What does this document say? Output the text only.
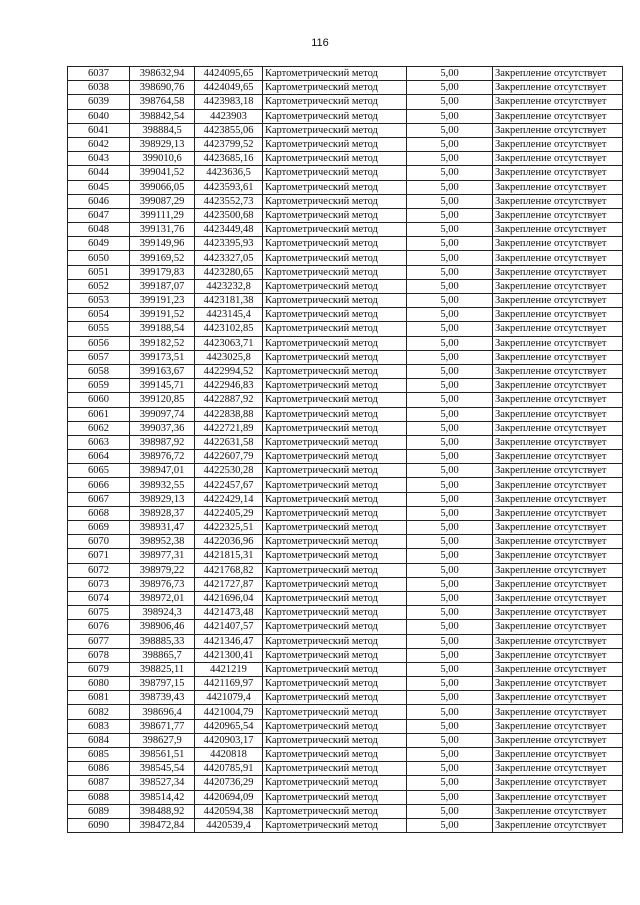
116
6037	398632,94	4424095,65	Картометрический метод	5,00	Закрепление отсутствует
6038	398690,76	4424049,65	Картометрический метод	5,00	Закрепление отсутствует
6039	398764,58	4423983,18	Картометрический метод	5,00	Закрепление отсутствует
6040	398842,54	4423903	Картометрический метод	5,00	Закрепление отсутствует
6041	398884,5	4423855,06	Картометрический метод	5,00	Закрепление отсутствует
6042	398929,13	4423799,52	Картометрический метод	5,00	Закрепление отсутствует
6043	399010,6	4423685,16	Картометрический метод	5,00	Закрепление отсутствует
6044	399041,52	4423636,5	Картометрический метод	5,00	Закрепление отсутствует
6045	399066,05	4423593,61	Картометрический метод	5,00	Закрепление отсутствует
6046	399087,29	4423552,73	Картометрический метод	5,00	Закрепление отсутствует
6047	399111,29	4423500,68	Картометрический метод	5,00	Закрепление отсутствует
6048	399131,76	4423449,48	Картометрический метод	5,00	Закрепление отсутствует
6049	399149,96	4423395,93	Картометрический метод	5,00	Закрепление отсутствует
6050	399169,52	4423327,05	Картометрический метод	5,00	Закрепление отсутствует
6051	399179,83	4423280,65	Картометрический метод	5,00	Закрепление отсутствует
6052	399187,07	4423232,8	Картометрический метод	5,00	Закрепление отсутствует
6053	399191,23	4423181,38	Картометрический метод	5,00	Закрепление отсутствует
6054	399191,52	4423145,4	Картометрический метод	5,00	Закрепление отсутствует
6055	399188,54	4423102,85	Картометрический метод	5,00	Закрепление отсутствует
6056	399182,52	4423063,71	Картометрический метод	5,00	Закрепление отсутствует
6057	399173,51	4423025,8	Картометрический метод	5,00	Закрепление отсутствует
6058	399163,67	4422994,52	Картометрический метод	5,00	Закрепление отсутствует
6059	399145,71	4422946,83	Картометрический метод	5,00	Закрепление отсутствует
6060	399120,85	4422887,92	Картометрический метод	5,00	Закрепление отсутствует
6061	399097,74	4422838,88	Картометрический метод	5,00	Закрепление отсутствует
6062	399037,36	4422721,89	Картометрический метод	5,00	Закрепление отсутствует
6063	398987,92	4422631,58	Картометрический метод	5,00	Закрепление отсутствует
6064	398976,72	4422607,79	Картометрический метод	5,00	Закрепление отсутствует
6065	398947,01	4422530,28	Картометрический метод	5,00	Закрепление отсутствует
6066	398932,55	4422457,67	Картометрический метод	5,00	Закрепление отсутствует
6067	398929,13	4422429,14	Картометрический метод	5,00	Закрепление отсутствует
6068	398928,37	4422405,29	Картометрический метод	5,00	Закрепление отсутствует
6069	398931,47	4422325,51	Картометрический метод	5,00	Закрепление отсутствует
6070	398952,38	4422036,96	Картометрический метод	5,00	Закрепление отсутствует
6071	398977,31	4421815,31	Картометрический метод	5,00	Закрепление отсутствует
6072	398979,22	4421768,82	Картометрический метод	5,00	Закрепление отсутствует
6073	398976,73	4421727,87	Картометрический метод	5,00	Закрепление отсутствует
6074	398972,01	4421696,04	Картометрический метод	5,00	Закрепление отсутствует
6075	398924,3	4421473,48	Картометрический метод	5,00	Закрепление отсутствует
6076	398906,46	4421407,57	Картометрический метод	5,00	Закрепление отсутствует
6077	398885,33	4421346,47	Картометрический метод	5,00	Закрепление отсутствует
6078	398865,7	4421300,41	Картометрический метод	5,00	Закрепление отсутствует
6079	398825,11	4421219	Картометрический метод	5,00	Закрепление отсутствует
6080	398797,15	4421169,97	Картометрический метод	5,00	Закрепление отсутствует
6081	398739,43	4421079,4	Картометрический метод	5,00	Закрепление отсутствует
6082	398696,4	4421004,79	Картометрический метод	5,00	Закрепление отсутствует
6083	398671,77	4420965,54	Картометрический метод	5,00	Закрепление отсутствует
6084	398627,9	4420903,17	Картометрический метод	5,00	Закрепление отсутствует
6085	398561,51	4420818	Картометрический метод	5,00	Закрепление отсутствует
6086	398545,54	4420785,91	Картометрический метод	5,00	Закрепление отсутствует
6087	398527,34	4420736,29	Картометрический метод	5,00	Закрепление отсутствует
6088	398514,42	4420694,09	Картометрический метод	5,00	Закрепление отсутствует
6089	398488,92	4420594,38	Картометрический метод	5,00	Закрепление отсутствует
6090	398472,84	4420539,4	Картометрический метод	5,00	Закрепление отсутствует
